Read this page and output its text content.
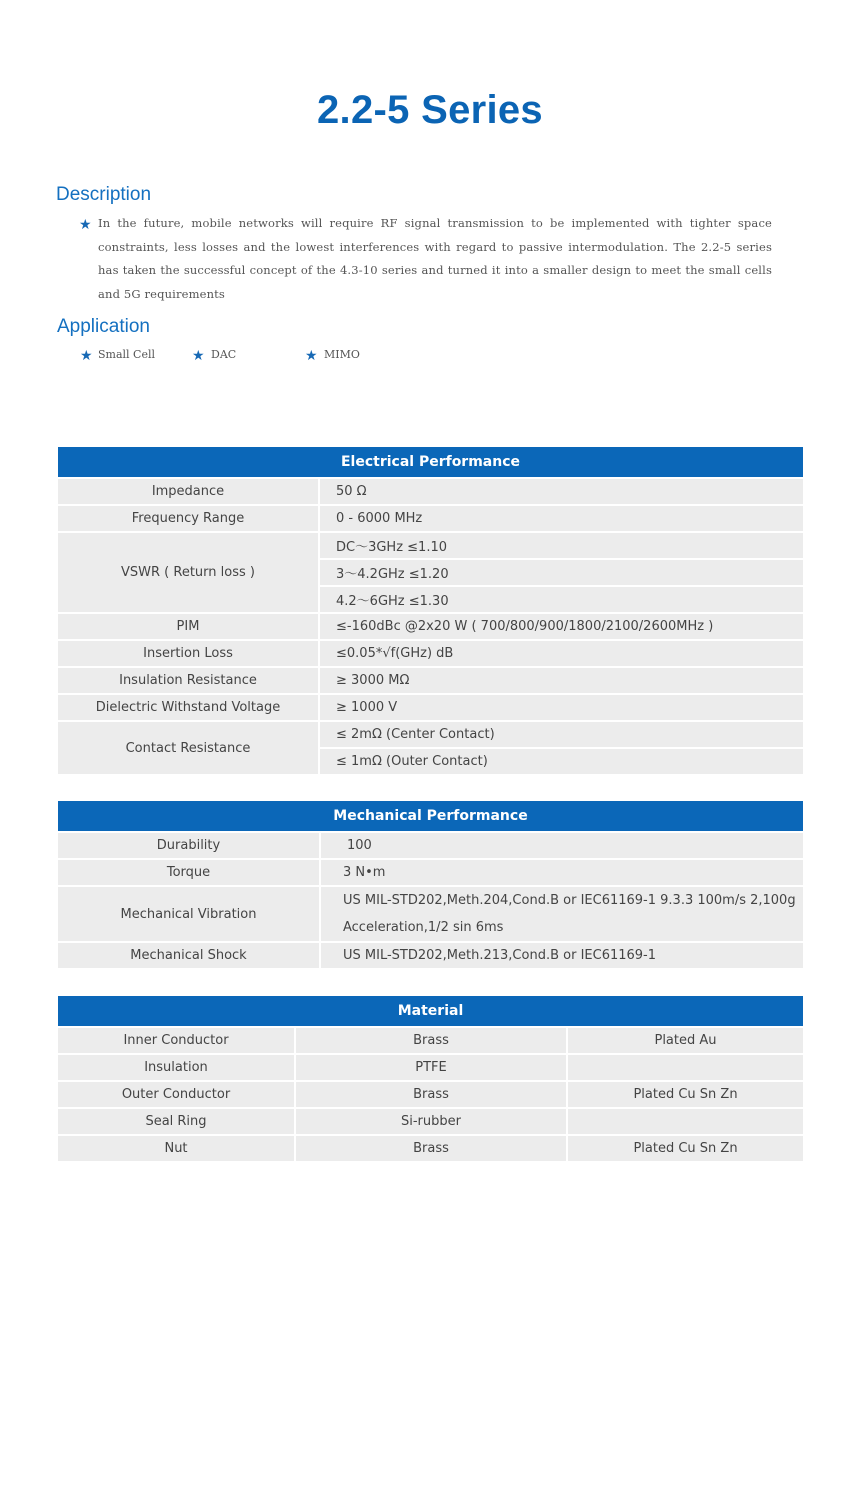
2.2-5 Series
Description
★ In the future, mobile networks will require RF signal transmission to be implemented with tighter space constraints, less losses and the lowest interferences with regard to passive intermodulation. The 2.2-5 series has taken the successful concept of the 4.3-10 series and turned it into a smaller design to meet the small cells and 5G requirements

Application
★ Small Cell	★ DAC	★ MIMO
Electrical Performance	
Impedance	50 Ω
Frequency Range	0 - 6000 MHz
VSWR ( Return loss )	DC～3GHz ≤1.10
	3～4.2GHz ≤1.20
	4.2～6GHz ≤1.30
PIM	≤-160dBc @2x20 W ( 700/800/900/1800/2100/2600MHz )
Insertion Loss	≤0.05*√f(GHz) dB
Insulation Resistance	≥ 3000 MΩ
Dielectric Withstand Voltage	≥ 1000 V
Contact Resistance	≤ 2mΩ (Center Contact)
	≤ 1mΩ (Outer Contact)
Mechanical Performance	
Durability	100
Torque	3 N•m
Mechanical Vibration	US MIL-STD202,Meth.204,Cond.B or IEC61169-1 9.3.3 100m/s 2,100g
Acceleration,1/2 sin 6ms

Mechanical Shock	US MIL-STD202,Meth.213,Cond.B or IEC61169-1
Material		
Inner Conductor	Brass	Plated Au
Insulation	PTFE	
Outer Conductor	Brass	Plated Cu Sn Zn
Seal Ring	Si-rubber	
Nut	Brass	Plated Cu Sn Zn
